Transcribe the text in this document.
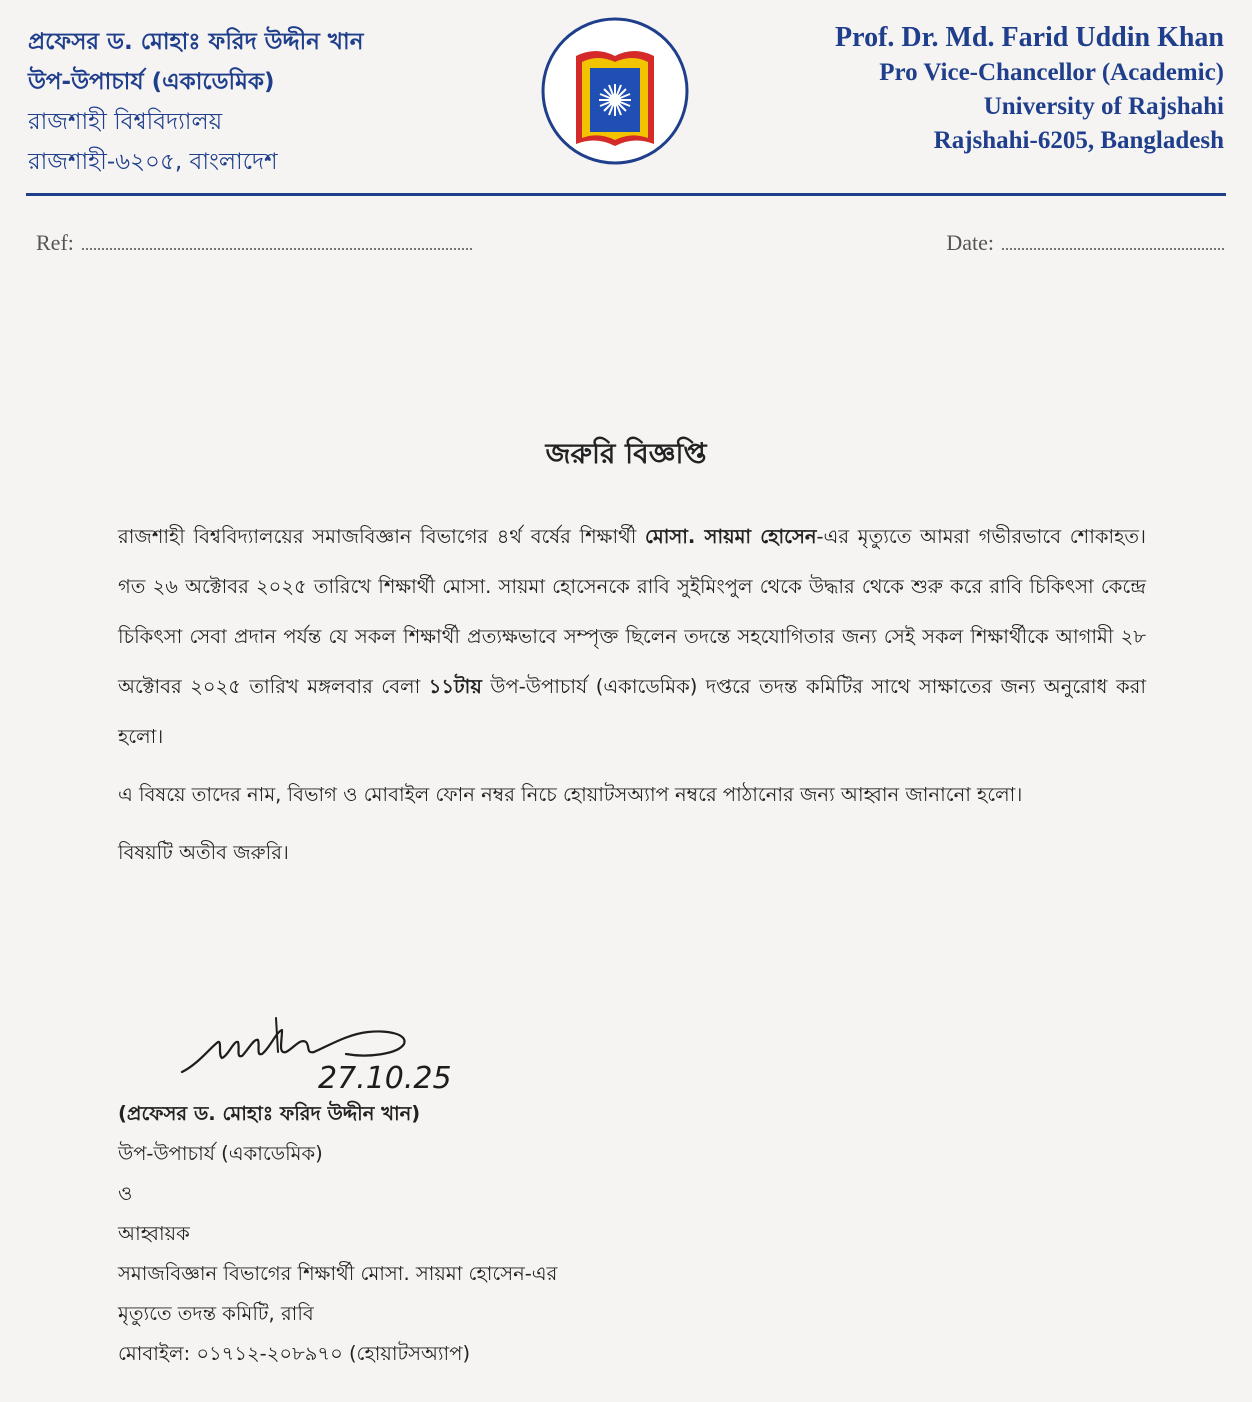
প্রফেসর ড. মোহাঃ ফরিদ উদ্দীন খান
উপ-উপাচার্য (একাডেমিক)
রাজশাহী বিশ্ববিদ্যালয়
রাজশাহী-৬২০৫, বাংলাদেশ
Prof. Dr. Md. Farid Uddin Khan
Pro Vice-Chancellor (Academic)
University of Rajshahi
Rajshahi-6205, Bangladesh
Ref:	Date:
জরুরি বিজ্ঞপ্তি

রাজশাহী বিশ্ববিদ্যালয়ের সমাজবিজ্ঞান বিভাগের ৪র্থ বর্ষের শিক্ষার্থী মোসা. সায়মা হোসেন-এর মৃত্যুতে আমরা গভীরভাবে শোকাহত। গত ২৬ অক্টোবর ২০২৫ তারিখে শিক্ষার্থী মোসা. সায়মা হোসেনকে রাবি সুইমিংপুল থেকে উদ্ধার থেকে শুরু করে রাবি চিকিৎসা কেন্দ্রে চিকিৎসা সেবা প্রদান পর্যন্ত যে সকল শিক্ষার্থী প্রত্যক্ষভাবে সম্পৃক্ত ছিলেন তদন্তে সহযোগিতার জন্য সেই সকল শিক্ষার্থীকে আগামী ২৮ অক্টোবর ২০২৫ তারিখ মঙ্গলবার বেলা ১১টায় উপ-উপাচার্য (একাডেমিক) দপ্তরে তদন্ত কমিটির সাথে সাক্ষাতের জন্য অনুরোধ করা হলো।

এ বিষয়ে তাদের নাম, বিভাগ ও মোবাইল ফোন নম্বর নিচে হোয়াটসঅ্যাপ নম্বরে পাঠানোর জন্য আহ্বান জানানো হলো।

বিষয়টি অতীব জরুরি।

27.10.25
(প্রফেসর ড. মোহাঃ ফরিদ উদ্দীন খান)
উপ-উপাচার্য (একাডেমিক)
ও
আহ্বায়ক
সমাজবিজ্ঞান বিভাগের শিক্ষার্থী মোসা. সায়মা হোসেন-এর
মৃত্যুতে তদন্ত কমিটি, রাবি
মোবাইল: ০১৭১২-২০৮৯৭০ (হোয়াটসঅ্যাপ)
